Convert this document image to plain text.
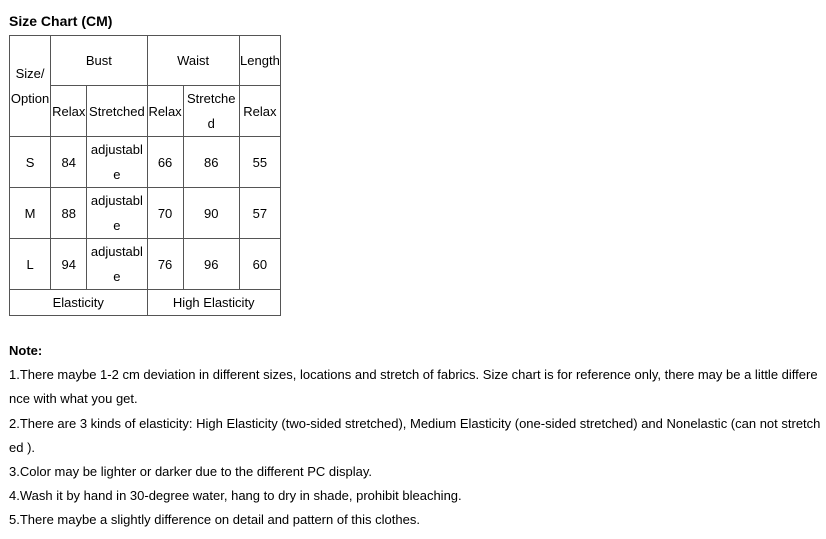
Size Chart (CM)
Size/ Option	Bust		Waist		Length
	Relax	Stretched	Relax	Stretched	Relax
S	84	adjustable	66	86	55
M	88	adjustable	70	90	57
L	94	adjustable	76	96	60
Elasticity			High Elasticity		
Note:

1.There maybe 1-2 cm deviation in different sizes, locations and stretch of fabrics. Size chart is for reference only, there may be a little difference with what you get.

2.There are 3 kinds of elasticity: High Elasticity (two-sided stretched), Medium Elasticity (one-sided stretched) and Nonelastic (can not stretched ).

3.Color may be lighter or darker due to the different PC display.

4.Wash it by hand in 30-degree water, hang to dry in shade, prohibit bleaching.

5.There maybe a slightly difference on detail and pattern of this clothes.
